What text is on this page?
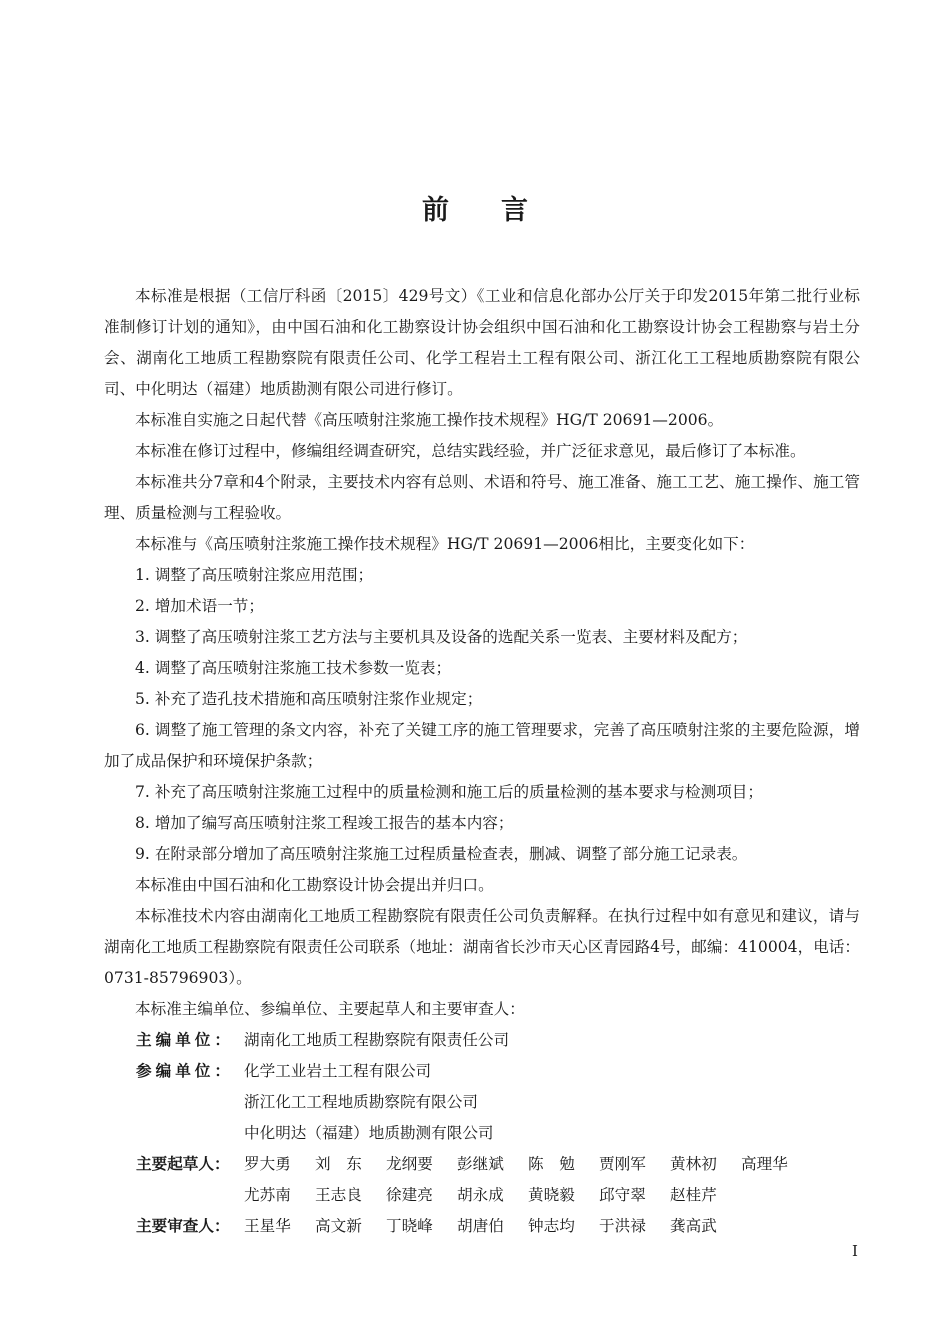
前言

本标准是根据（工信厅科函〔2015〕429号文）《工业和信息化部办公厅关于印发2015年第二批行业标准制修订计划的通知》，由中国石油和化工勘察设计协会组织中国石油和化工勘察设计协会工程勘察与岩土分会、湖南化工地质工程勘察院有限责任公司、化学工程岩土工程有限公司、浙江化工工程地质勘察院有限公司、中化明达（福建）地质勘测有限公司进行修订。

本标准自实施之日起代替《高压喷射注浆施工操作技术规程》HG/T 20691—2006。

本标准在修订过程中，修编组经调查研究，总结实践经验，并广泛征求意见，最后修订了本标准。

本标准共分7章和4个附录，主要技术内容有总则、术语和符号、施工准备、施工工艺、施工操作、施工管理、质量检测与工程验收。

本标准与《高压喷射注浆施工操作技术规程》HG/T 20691—2006相比，主要变化如下：

1. 调整了高压喷射注浆应用范围；

2. 增加术语一节；

3. 调整了高压喷射注浆工艺方法与主要机具及设备的选配关系一览表、主要材料及配方；

4. 调整了高压喷射注浆施工技术参数一览表；

5. 补充了造孔技术措施和高压喷射注浆作业规定；

6. 调整了施工管理的条文内容，补充了关键工序的施工管理要求，完善了高压喷射注浆的主要危险源，增加了成品保护和环境保护条款；

7. 补充了高压喷射注浆施工过程中的质量检测和施工后的质量检测的基本要求与检测项目；

8. 增加了编写高压喷射注浆工程竣工报告的基本内容；

9. 在附录部分增加了高压喷射注浆施工过程质量检查表，删减、调整了部分施工记录表。

本标准由中国石油和化工勘察设计协会提出并归口。

本标准技术内容由湖南化工地质工程勘察院有限责任公司负责解释。在执行过程中如有意见和建议，请与湖南化工地质工程勘察院有限责任公司联系（地址：湖南省长沙市天心区青园路4号，邮编：410004，电话：0731-85796903）。

本标准主编单位、参编单位、主要起草人和主要审查人：

主编单位： 湖南化工地质工程勘察院有限责任公司
参编单位： 化学工业岩土工程有限公司
浙江化工工程地质勘察院有限公司
中化明达（福建）地质勘测有限公司
主要起草人： 罗大勇	刘　东	龙纲要	彭继斌	陈　勉	贾刚军	黄林初	高理华
尤苏南	王志良	徐建亮	胡永成	黄晓毅	邱守翠	赵桂芹
主要审查人： 王星华	高文新	丁晓峰	胡唐伯	钟志均	于洪禄	龚高武
I
